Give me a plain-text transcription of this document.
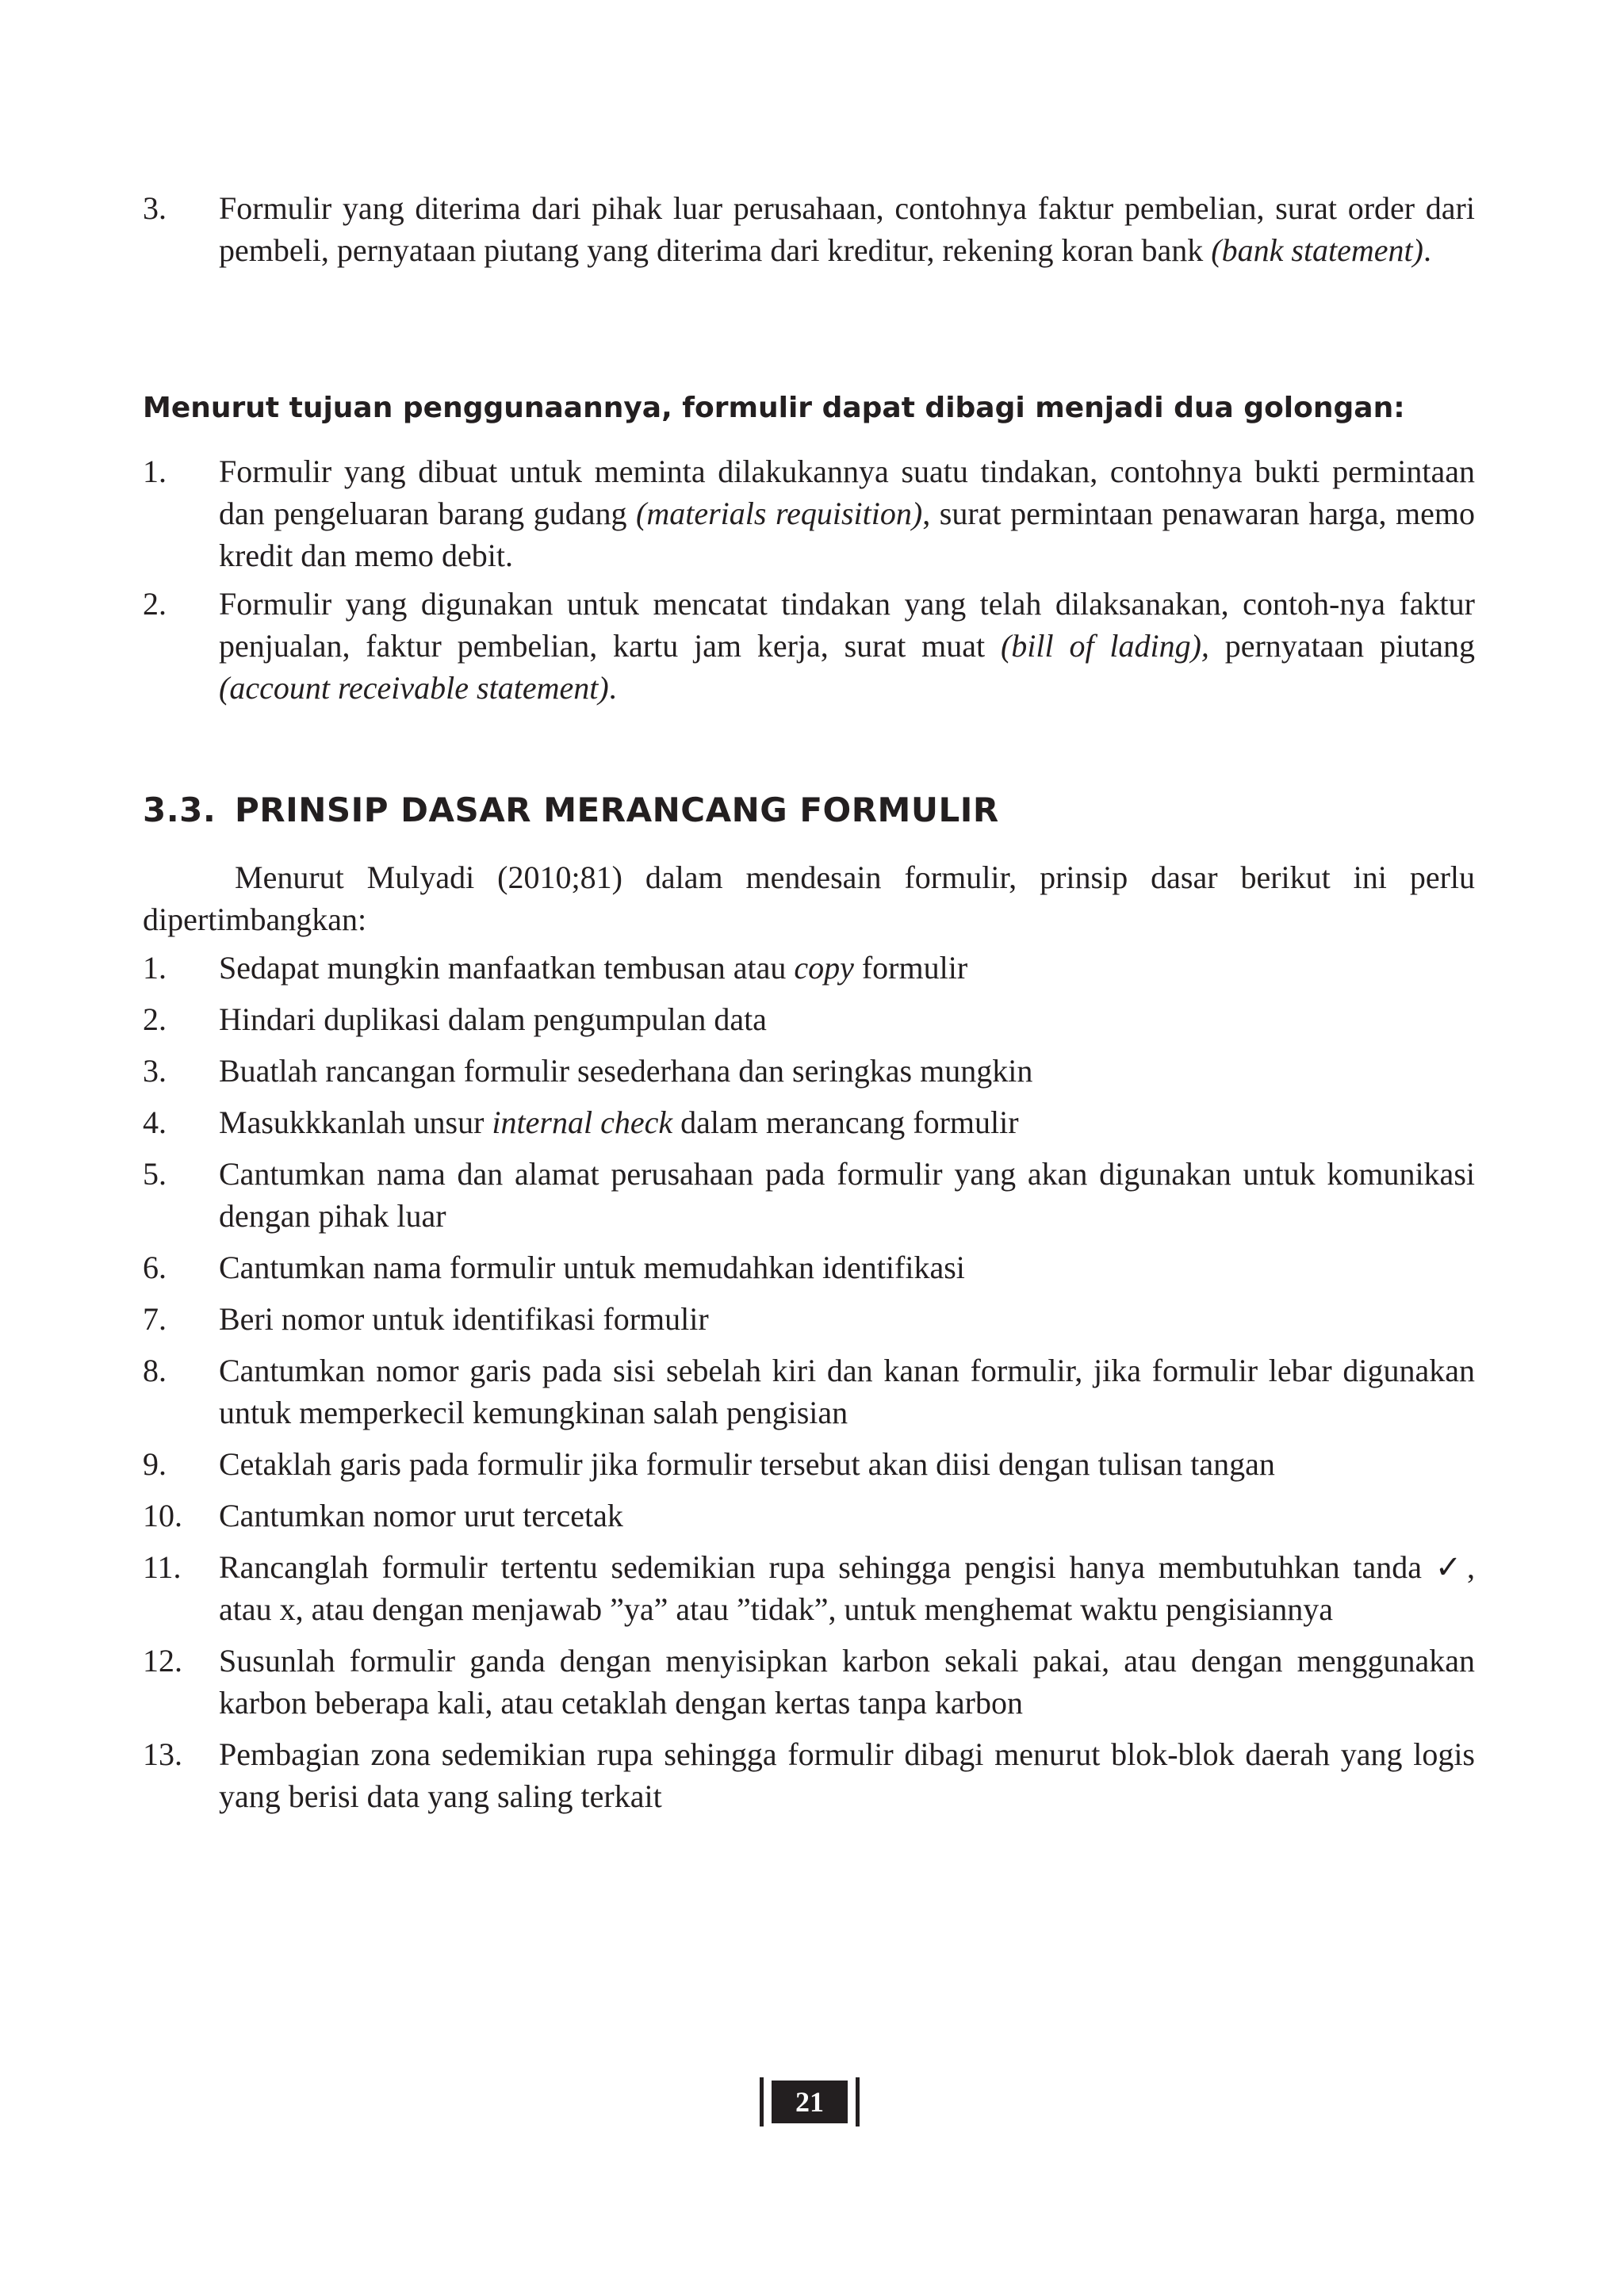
3.	Formulir yang diterima dari pihak luar perusahaan, contohnya faktur pembelian, surat order dari pembeli, pernyataan piutang yang diterima dari kreditur, rekening koran bank (bank statement).

Menurut tujuan penggunaannya, formulir dapat dibagi menjadi dua golongan:

1.	Formulir yang dibuat untuk meminta dilakukannya suatu tindakan, contohnya bukti permintaan dan pengeluaran barang gudang (materials requisition), surat permintaan penawaran harga, memo kredit dan memo debit.
2.	Formulir yang digunakan untuk mencatat tindakan yang telah dilaksanakan, contoh-nya faktur penjualan, faktur pembelian, kartu jam kerja, surat muat (bill of lading), pernyataan piutang (account receivable statement).
3.3. PRINSIP DASAR MERANCANG FORMULIR

Menurut Mulyadi (2010;81) dalam mendesain formulir, prinsip dasar berikut ini perlu dipertimbangkan:

1.	Sedapat mungkin manfaatkan tembusan atau copy formulir
2.	Hindari duplikasi dalam pengumpulan data
3.	Buatlah rancangan formulir sesederhana dan seringkas mungkin
4.	Masukkkanlah unsur internal check dalam merancang formulir
5.	Cantumkan nama dan alamat perusahaan pada formulir yang akan digunakan untuk komunikasi dengan pihak luar
6.	Cantumkan nama formulir untuk memudahkan identifikasi
7.	Beri nomor untuk identifikasi formulir
8.	Cantumkan nomor garis pada sisi sebelah kiri dan kanan formulir, jika formulir lebar digunakan untuk memperkecil kemungkinan salah pengisian
9.	Cetaklah garis pada formulir jika formulir tersebut akan diisi dengan tulisan tangan
10.	Cantumkan nomor urut tercetak
11.	Rancanglah formulir tertentu sedemikian rupa sehingga pengisi hanya membutuhkan tanda ✓, atau x, atau dengan menjawab ”ya” atau ”tidak”, untuk menghemat waktu pengisiannya
12.	Susunlah formulir ganda dengan menyisipkan karbon sekali pakai, atau dengan menggunakan karbon beberapa kali, atau cetaklah dengan kertas tanpa karbon
13.	Pembagian zona sedemikian rupa sehingga formulir dibagi menurut blok-blok daerah yang logis yang berisi data yang saling terkait
21
